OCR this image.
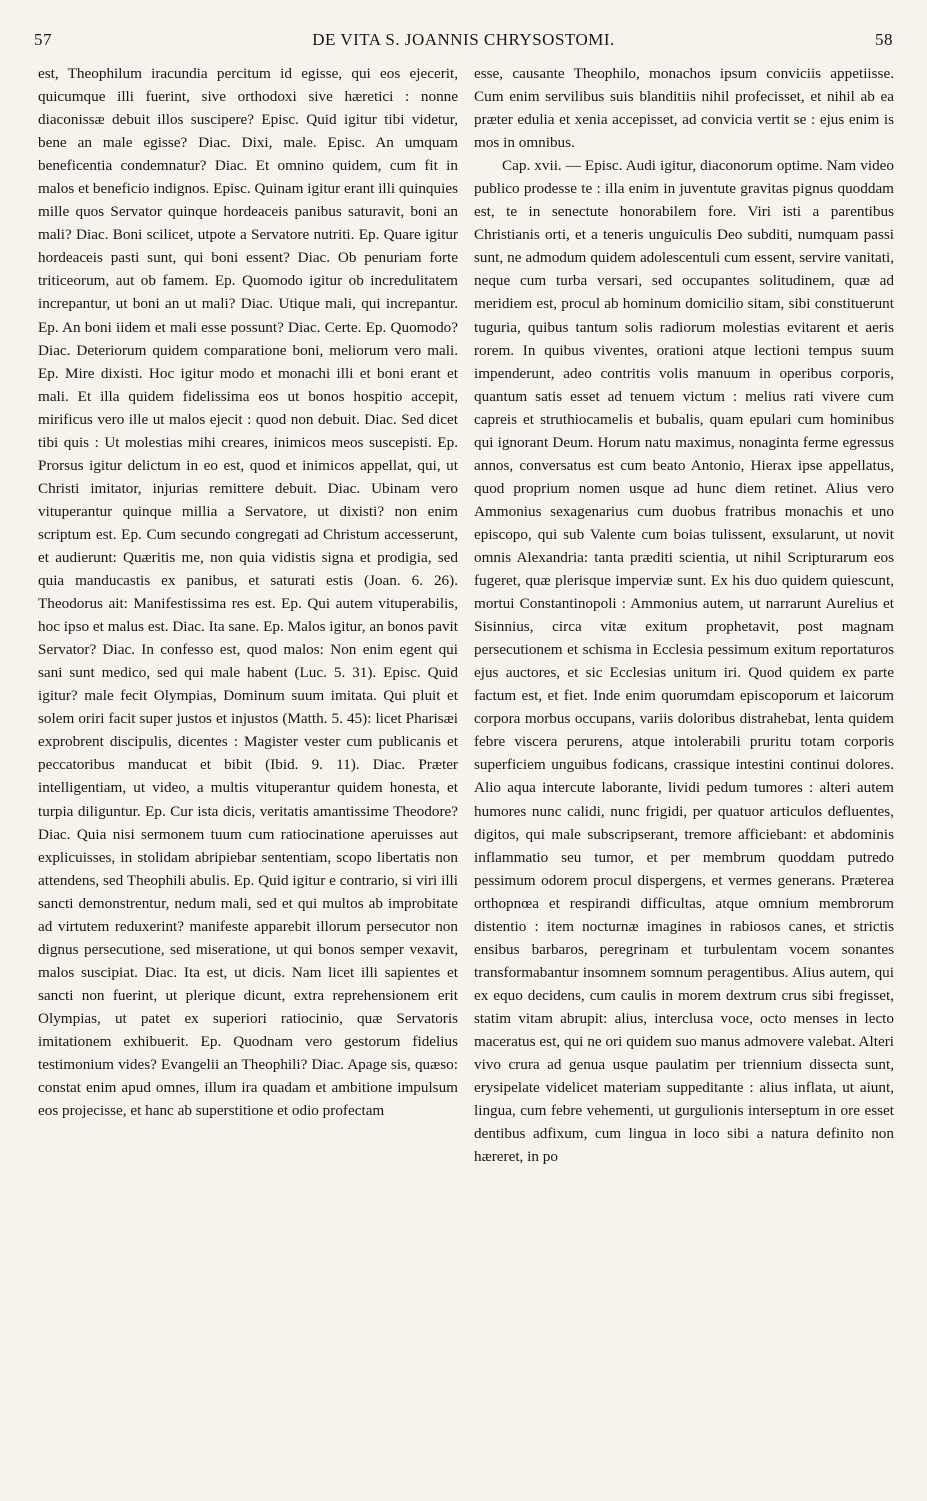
57	DE VITA S. JOANNIS CHRYSOSTOMI.	58

est, Theophilum iracundia percitum id egisse, qui eos ejecerit, quicumque illi fuerint, sive orthodoxi sive hæretici : nonne diaconissæ debuit illos suscipere? Episc. Quid igitur tibi videtur, bene an male egisse? Diac. Dixi, male. Episc. An umquam beneficentia condemnatur? Diac. Et omnino quidem, cum fit in malos et beneficio indignos. Episc. Quinam igitur erant illi quinquies mille quos Servator quinque hordeaceis panibus saturavit, boni an mali? Diac. Boni scilicet, utpote a Servatore nutriti. Ep. Quare igitur hordeaceis pasti sunt, qui boni essent? Diac. Ob penuriam forte triticeorum, aut ob famem. Ep. Quomodo igitur ob incredulitatem increpantur, ut boni an ut mali? Diac. Utique mali, qui increpantur. Ep. An boni iidem et mali esse possunt? Diac. Certe. Ep. Quomodo? Diac. Deteriorum quidem comparatione boni, meliorum vero mali. Ep. Mire dixisti. Hoc igitur modo et monachi illi et boni erant et mali. Et illa quidem fidelissima eos ut bonos hospitio accepit, mirificus vero ille ut malos ejecit : quod non debuit. Diac. Sed dicet tibi quis : Ut molestias mihi creares, inimicos meos suscepisti. Ep. Prorsus igitur delictum in eo est, quod et inimicos appellat, qui, ut Christi imitator, injurias remittere debuit. Diac. Ubinam vero vituperantur quinque millia a Servatore, ut dixisti? non enim scriptum est. Ep. Cum secundo congregati ad Christum accesserunt, et audierunt: Quæritis me, non quia vidistis signa et prodigia, sed quia manducastis ex panibus, et saturati estis (Joan. 6. 26). Theodorus ait: Manifestissima res est. Ep. Qui autem vituperabilis, hoc ipso et malus est. Diac. Ita sane. Ep. Malos igitur, an bonos pavit Servator? Diac. In confesso est, quod malos: Non enim egent qui sani sunt medico, sed qui male habent (Luc. 5. 31). Episc. Quid igitur? male fecit Olympias, Dominum suum imitata. Qui pluit et solem oriri facit super justos et injustos (Matth. 5. 45): licet Pharisæi exprobrent discipulis, dicentes : Magister vester cum publicanis et peccatoribus manducat et bibit (Ibid. 9. 11). Diac. Præter intelligentiam, ut video, a multis vituperantur quidem honesta, et turpia diliguntur. Ep. Cur ista dicis, veritatis amantissime Theodore? Diac. Quia nisi sermonem tuum cum ratiocinatione aperuisses aut explicuisses, in stolidam abripiebar sententiam, scopo libertatis non attendens, sed Theophili abulis. Ep. Quid igitur e contrario, si viri illi sancti demonstrentur, nedum mali, sed et qui multos ab improbitate ad virtutem reduxerint? manifeste apparebit illorum persecutor non dignus persecutione, sed miseratione, ut qui bonos semper vexavit, malos suscipiat. Diac. Ita est, ut dicis. Nam licet illi sapientes et sancti non fuerint, ut plerique dicunt, extra reprehensionem erit Olympias, ut patet ex superiori ratiocinio, quæ Servatoris imitationem exhibuerit. Ep. Quodnam vero gestorum fidelius testimonium vides? Evangelii an Theophili? Diac. Apage sis, quæso: constat enim apud omnes, illum ira quadam et ambitione impulsum eos projecisse, et hanc ab superstitione et odio profectam

esse, causante Theophilo, monachos ipsum conviciis appetiisse. Cum enim servilibus suis blanditiis nihil profecisset, et nihil ab ea præter edulia et xenia accepisset, ad convicia vertit se : ejus enim is mos in omnibus.

Cap. xvii. — Episc. Audi igitur, diaconorum optime. Nam video publico prodesse te : illa enim in juventute gravitas pignus quoddam est, te in senectute honorabilem fore. Viri isti a parentibus Christianis orti, et a teneris unguiculis Deo subditi, numquam passi sunt, ne admodum quidem adolescentuli cum essent, servire vanitati, neque cum turba versari, sed occupantes solitudinem, quæ ad meridiem est, procul ab hominum domicilio sitam, sibi constituerunt tuguria, quibus tantum solis radiorum molestias evitarent et aeris rorem. In quibus viventes, orationi atque lectioni tempus suum impenderunt, adeo contritis volis manuum in operibus corporis, quantum satis esset ad tenuem victum : melius rati vivere cum capreis et struthiocamelis et bubalis, quam epulari cum hominibus qui ignorant Deum. Horum natu maximus, nonaginta ferme egressus annos, conversatus est cum beato Antonio, Hierax ipse appellatus, quod proprium nomen usque ad hunc diem retinet. Alius vero Ammonius sexagenarius cum duobus fratribus monachis et uno episcopo, qui sub Valente cum boias tulissent, exsularunt, ut novit omnis Alexandria: tanta præditi scientia, ut nihil Scripturarum eos fugeret, quæ plerisque imperviæ sunt. Ex his duo quidem quiescunt, mortui Constantinopoli : Ammonius autem, ut narrarunt Aurelius et Sisinnius, circa vitæ exitum prophetavit, post magnam persecutionem et schisma in Ecclesia pessimum exitum reportaturos ejus auctores, et sic Ecclesias unitum iri. Quod quidem ex parte factum est, et fiet. Inde enim quorumdam episcoporum et laicorum corpora morbus occupans, variis doloribus distrahebat, lenta quidem febre viscera perurens, atque intolerabili pruritu totam corporis superficiem unguibus fodicans, crassique intestini continui dolores. Alio aqua intercute laborante, lividi pedum tumores : alteri autem humores nunc calidi, nunc frigidi, per quatuor articulos defluentes, digitos, qui male subscripserant, tremore afficiebant: et abdominis inflammatio seu tumor, et per membrum quoddam putredo pessimum odorem procul dispergens, et vermes generans. Præterea orthopnœa et respirandi difficultas, atque omnium membrorum distentio : item nocturnæ imagines in rabiosos canes, et strictis ensibus barbaros, peregrinam et turbulentam vocem sonantes transformabantur insomnem somnum peragentibus. Alius autem, qui ex equo decidens, cum caulis in morem dextrum crus sibi fregisset, statim vitam abrupit: alius, interclusa voce, octo menses in lecto maceratus est, qui ne ori quidem suo manus admovere valebat. Alteri vivo crura ad genua usque paulatim per triennium dissecta sunt, erysipelate videlicet materiam suppeditante : alius inflata, ut aiunt, lingua, cum febre vehementi, ut gurgulionis interseptum in ore esset dentibus adfixum, cum lingua in loco sibi a natura definito non hæreret, in po
